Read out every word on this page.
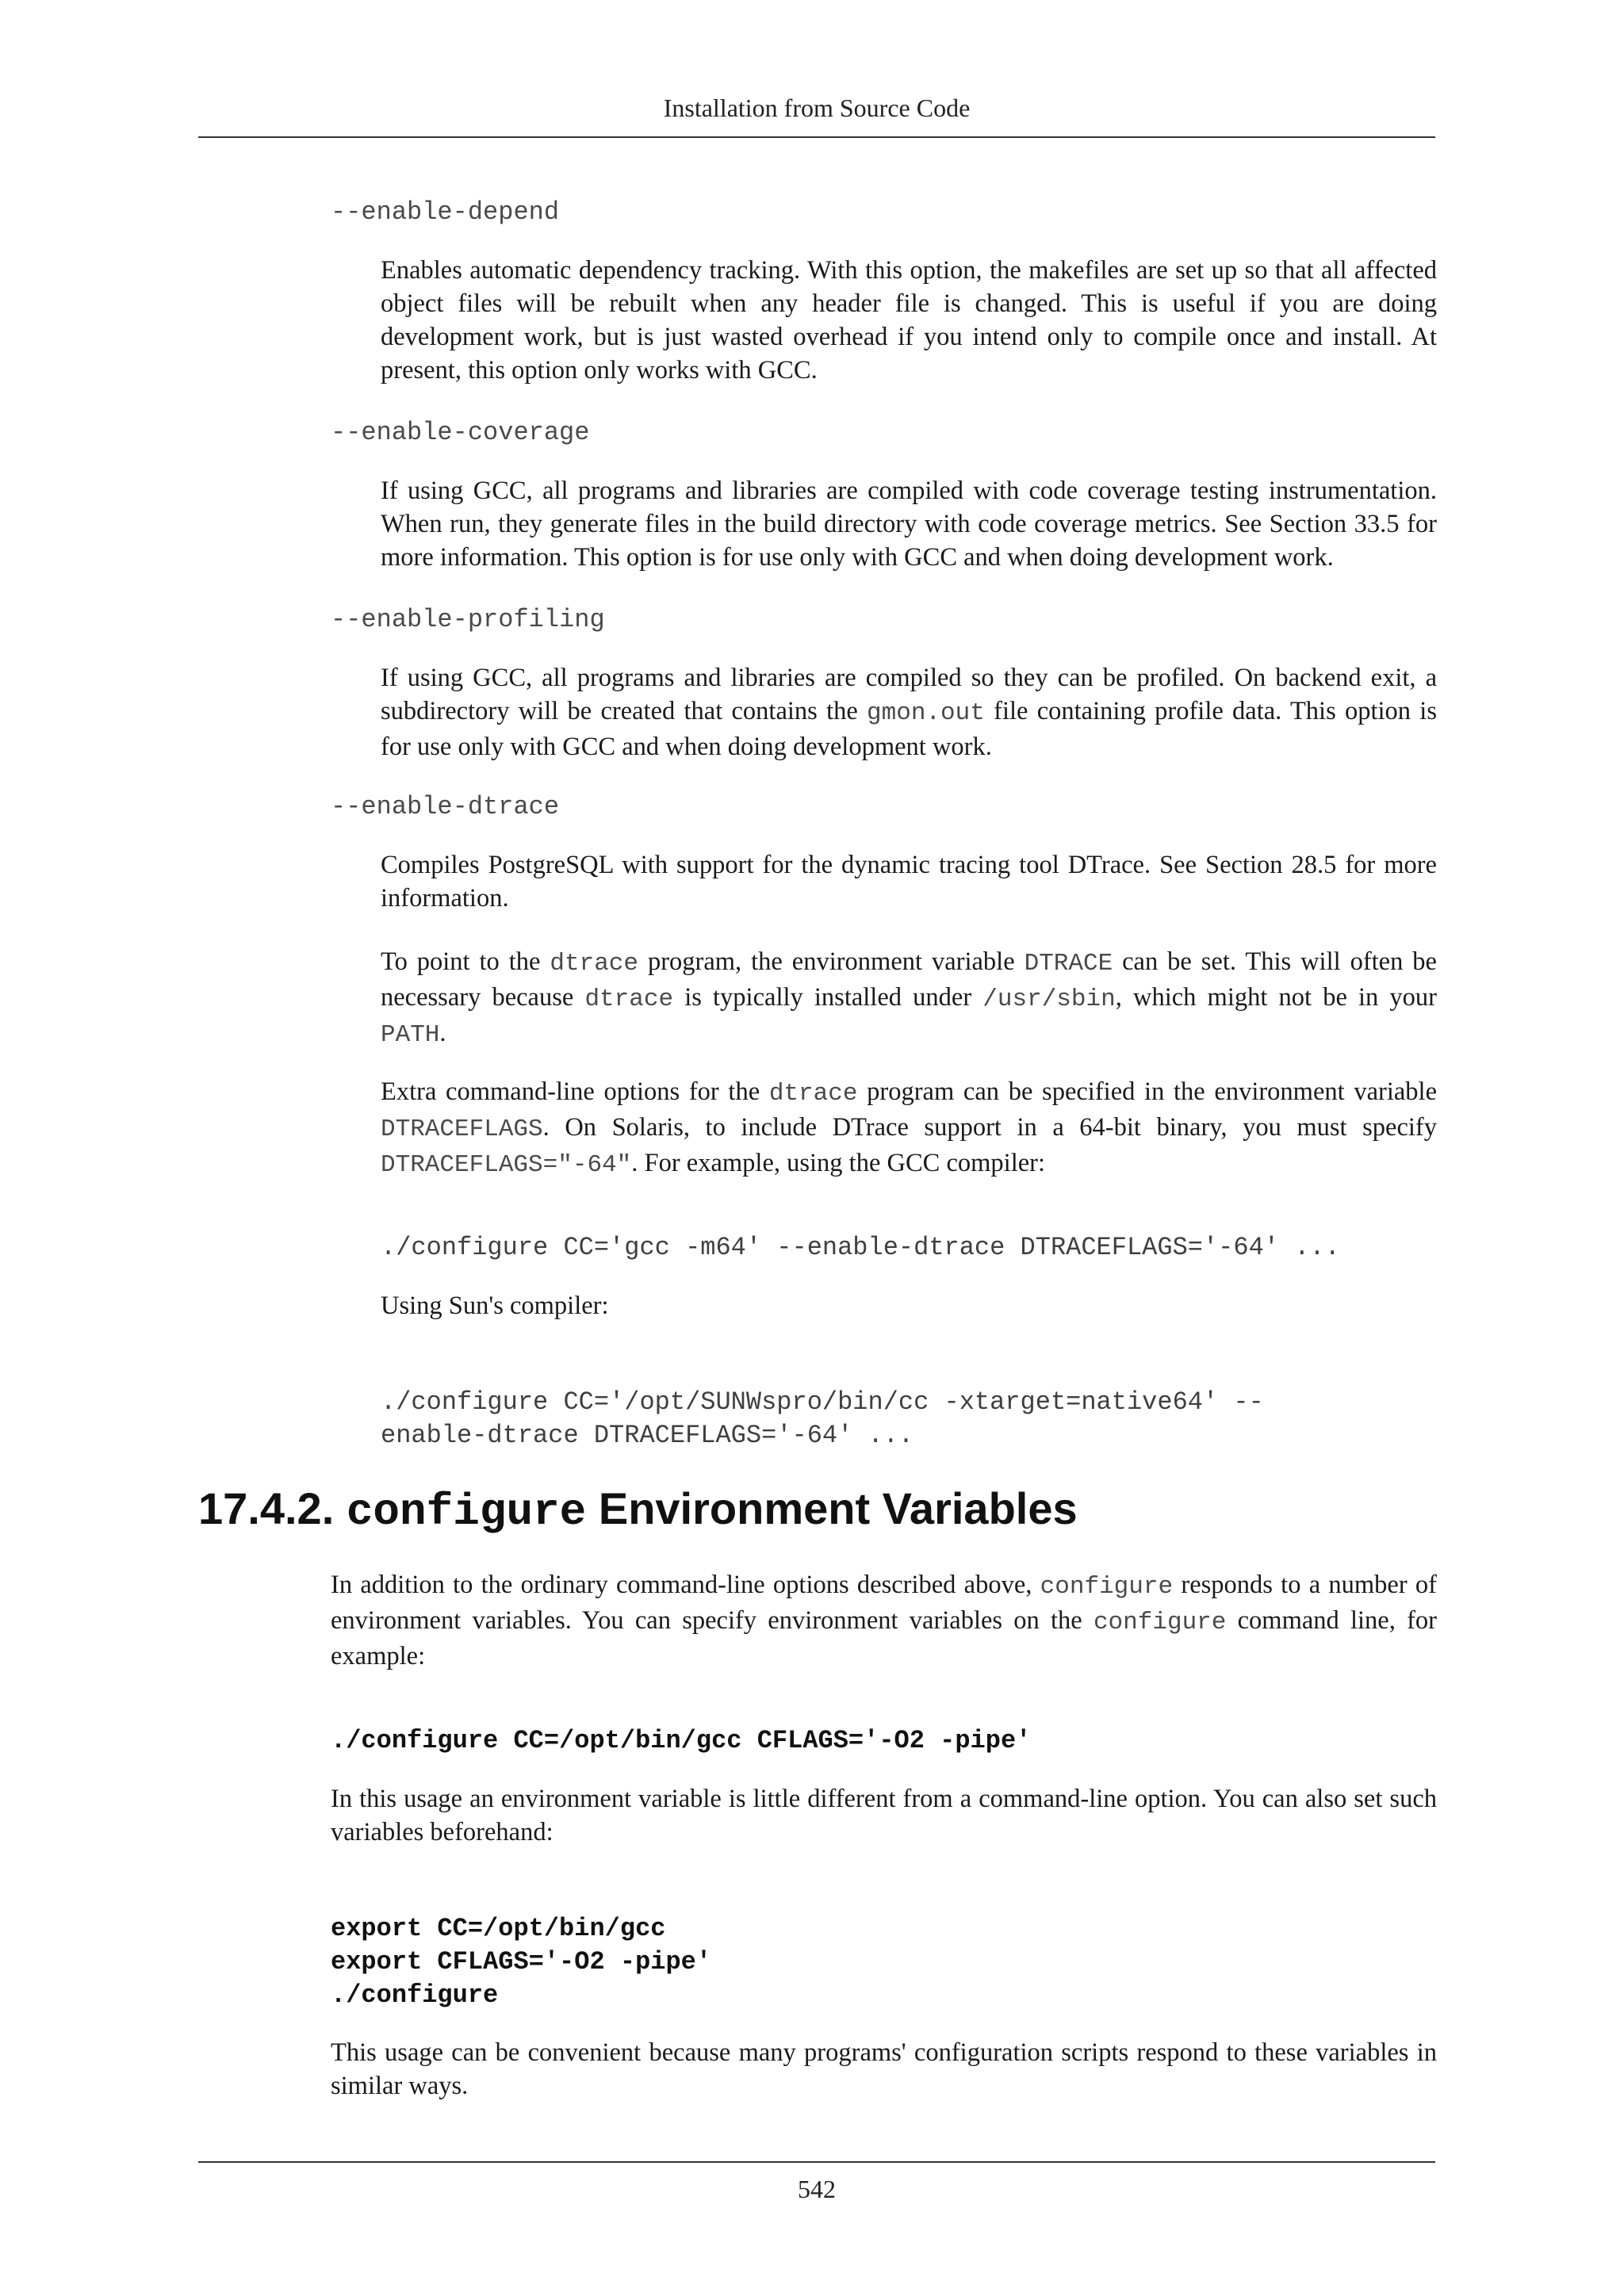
Installation from Source Code

--enable-depend

Enables automatic dependency tracking. With this option, the makefiles are set up so that all affected object files will be rebuilt when any header file is changed. This is useful if you are doing development work, but is just wasted overhead if you intend only to compile once and install. At present, this option only works with GCC.

--enable-coverage

If using GCC, all programs and libraries are compiled with code coverage testing instrumentation. When run, they generate files in the build directory with code coverage metrics. See Section 33.5 for more information. This option is for use only with GCC and when doing development work.

--enable-profiling

If using GCC, all programs and libraries are compiled so they can be profiled. On backend exit, a subdirectory will be created that contains the gmon.out file containing profile data. This option is for use only with GCC and when doing development work.

--enable-dtrace

Compiles PostgreSQL with support for the dynamic tracing tool DTrace. See Section 28.5 for more information.

To point to the dtrace program, the environment variable DTRACE can be set. This will often be necessary because dtrace is typically installed under /usr/sbin, which might not be in your PATH.

Extra command-line options for the dtrace program can be specified in the environment variable DTRACEFLAGS. On Solaris, to include DTrace support in a 64-bit binary, you must specify DTRACEFLAGS="-64". For example, using the GCC compiler:

./configure CC='gcc -m64' --enable-dtrace DTRACEFLAGS='-64' ...

Using Sun's compiler:

./configure CC='/opt/SUNWspro/bin/cc -xtarget=native64' --
enable-dtrace DTRACEFLAGS='-64' ...
17.4.2. configure Environment Variables

In addition to the ordinary command-line options described above, configure responds to a number of environment variables. You can specify environment variables on the configure command line, for example:

./configure CC=/opt/bin/gcc CFLAGS='-O2 -pipe'

In this usage an environment variable is little different from a command-line option. You can also set such variables beforehand:

export CC=/opt/bin/gcc
export CFLAGS='-O2 -pipe'
./configure

This usage can be convenient because many programs' configuration scripts respond to these variables in similar ways.

542
